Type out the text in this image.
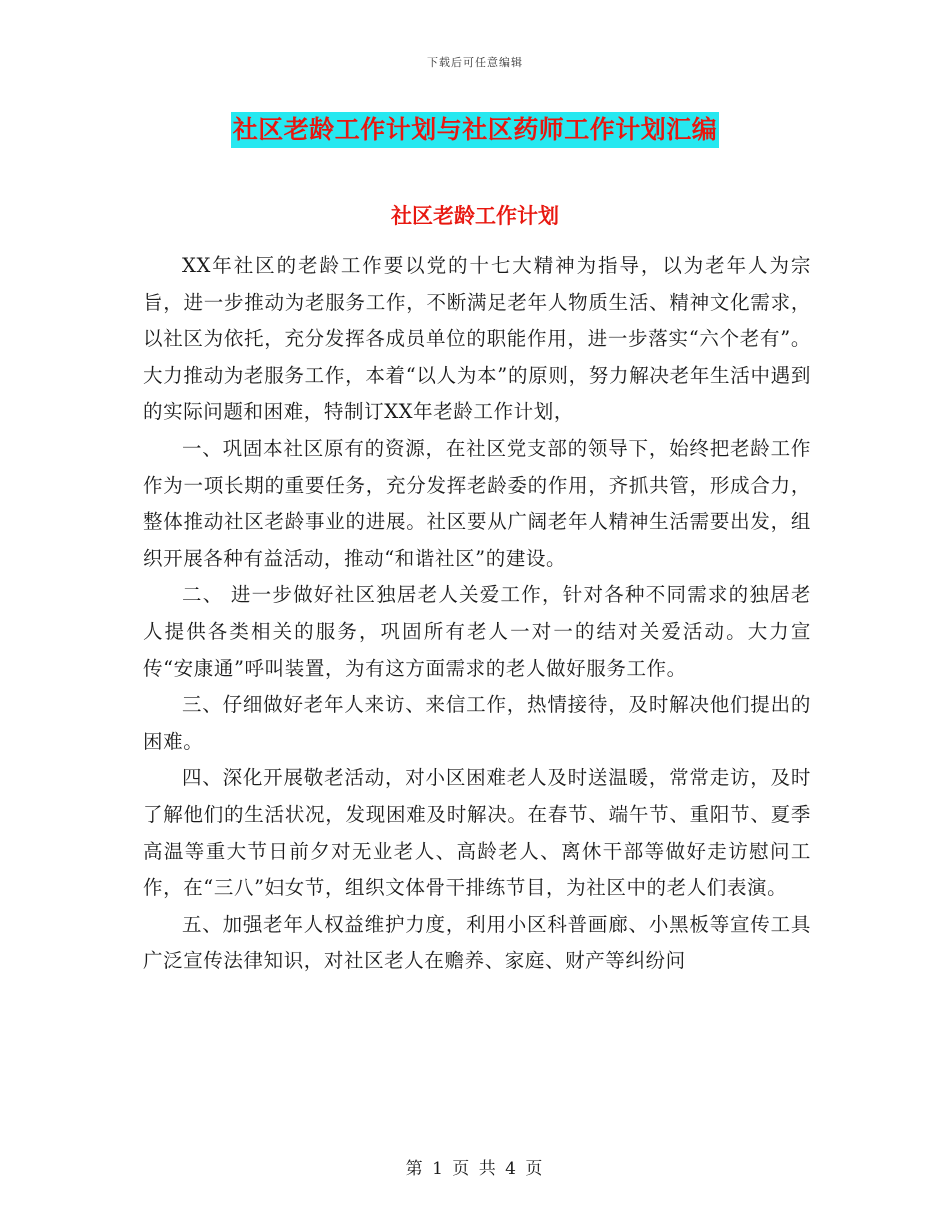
下载后可任意编辑
社区老龄工作计划与社区药师工作计划汇编
社区老龄工作计划

XX年社区的老龄工作要以党的十七大精神为指导，以为老年人为宗旨，进一步推动为老服务工作，不断满足老年人物质生活、精神文化需求，以社区为依托，充分发挥各成员单位的职能作用，进一步落实“六个老有”。大力推动为老服务工作，本着“以人为本”的原则，努力解决老年生活中遇到的实际问题和困难，特制订XX年老龄工作计划，

一、巩固本社区原有的资源，在社区党支部的领导下，始终把老龄工作作为一项长期的重要任务，充分发挥老龄委的作用，齐抓共管，形成合力，整体推动社区老龄事业的进展。社区要从广阔老年人精神生活需要出发，组织开展各种有益活动，推动“和谐社区”的建设。

二、 进一步做好社区独居老人关爱工作，针对各种不同需求的独居老人提供各类相关的服务，巩固所有老人一对一的结对关爱活动。大力宣传“安康通”呼叫装置，为有这方面需求的老人做好服务工作。

三、仔细做好老年人来访、来信工作，热情接待，及时解决他们提出的困难。

四、深化开展敬老活动，对小区困难老人及时送温暖，常常走访，及时了解他们的生活状况，发现困难及时解决。在春节、端午节、重阳节、夏季高温等重大节日前夕对无业老人、高龄老人、离休干部等做好走访慰问工作，在“三八”妇女节，组织文体骨干排练节目，为社区中的老人们表演。

五、加强老年人权益维护力度，利用小区科普画廊、小黑板等宣传工具广泛宣传法律知识，对社区老人在赡养、家庭、财产等纠纷问

第 1 页 共 4 页
